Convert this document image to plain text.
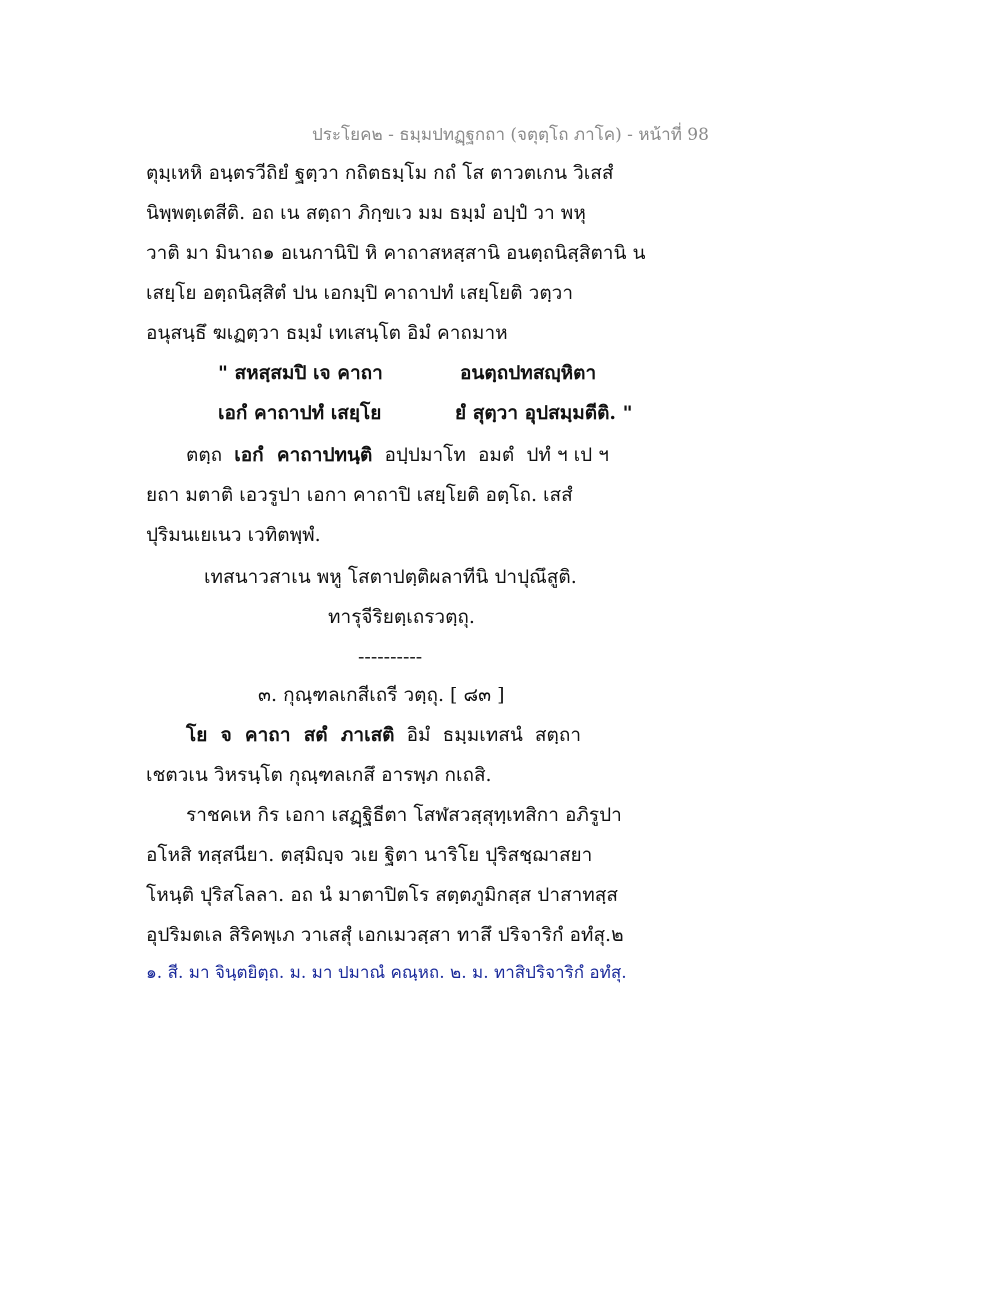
ประโยค๒ - ธมฺมปทฏฺฐกถา (จตุตฺโถ ภาโค) - หน้าที่ 98
ตุมฺเหหิ อนฺตรวีถิยํ ฐตฺวา กถิตธมฺโม กถํ โส ตาวตเกน วิเสสํ
นิพฺพตฺเตสีติ. อถ เน สตฺถา ภิกฺขเว มม ธมฺมํ อปฺปํ วา พหุ
วาติ มา มินาถ๑ อเนกานิปิ หิ คาถาสหสฺสานิ อนตฺถนิสฺสิตานิ น
เสยฺโย อตฺถนิสฺสิตํ ปน เอกมฺปิ คาถาปทํ เสยฺโยติ วตฺวา
อนุสนฺธึ ฆเฏตฺวา ธมฺมํ เทเสนฺโต อิมํ คาถมาห
" สหสฺสมปิ เจ คาถา	อนตฺถปทสญฺหิตา
เอกํ คาถาปทํ เสยฺโย	ยํ สุตฺวา อุปสมฺมตีติ. "
ตตฺถ  เอกํ  คาถาปทนฺติ  อปฺปมาโท  อมตํ  ปทํ ฯ เป ฯ
ยถา มตาติ เอวรูปา เอกา คาถาปิ เสยฺโยติ อตฺโถ. เสสํ
ปุริมนเยเนว เวทิตพฺพํ.
เทสนาวสาเน พหู โสตาปตฺติผลาทีนิ ปาปุณึสูติ.
ทารุจีริยตฺเถรวตฺถุ.
----------
๓. กุณฺฑลเกสีเถรี วตฺถุ. [ ๘๓ ]
โย  จ  คาถา  สตํ  ภาเสติ  อิมํ  ธมฺมเทสนํ  สตฺถา
เชตวเน วิหรนฺโต กุณฺฑลเกสึ อารพฺภ กเถสิ.
ราชคเห กิร เอกา เสฏฺฐิธีตา โสฬสวสฺสุทฺเทสิกา อภิรูปา
อโหสิ ทสฺสนียา. ตสฺมิญฺจ วเย ฐิตา นาริโย ปุริสชฺฌาสยา
โหนฺติ ปุริสโลลา. อถ นํ มาตาปิตโร สตฺตภูมิกสฺส ปาสาทสฺส
อุปริมตเล สิริคพฺเภ วาเสสุํ เอกเมวสฺสา ทาสึ ปริจาริกํ อทํสุ.๒
๑. สี. มา จินฺตยิตฺถ. ม. มา ปมาณํ คณฺหถ. ๒. ม. ทาสิปริจาริกํ อทํสุ.
